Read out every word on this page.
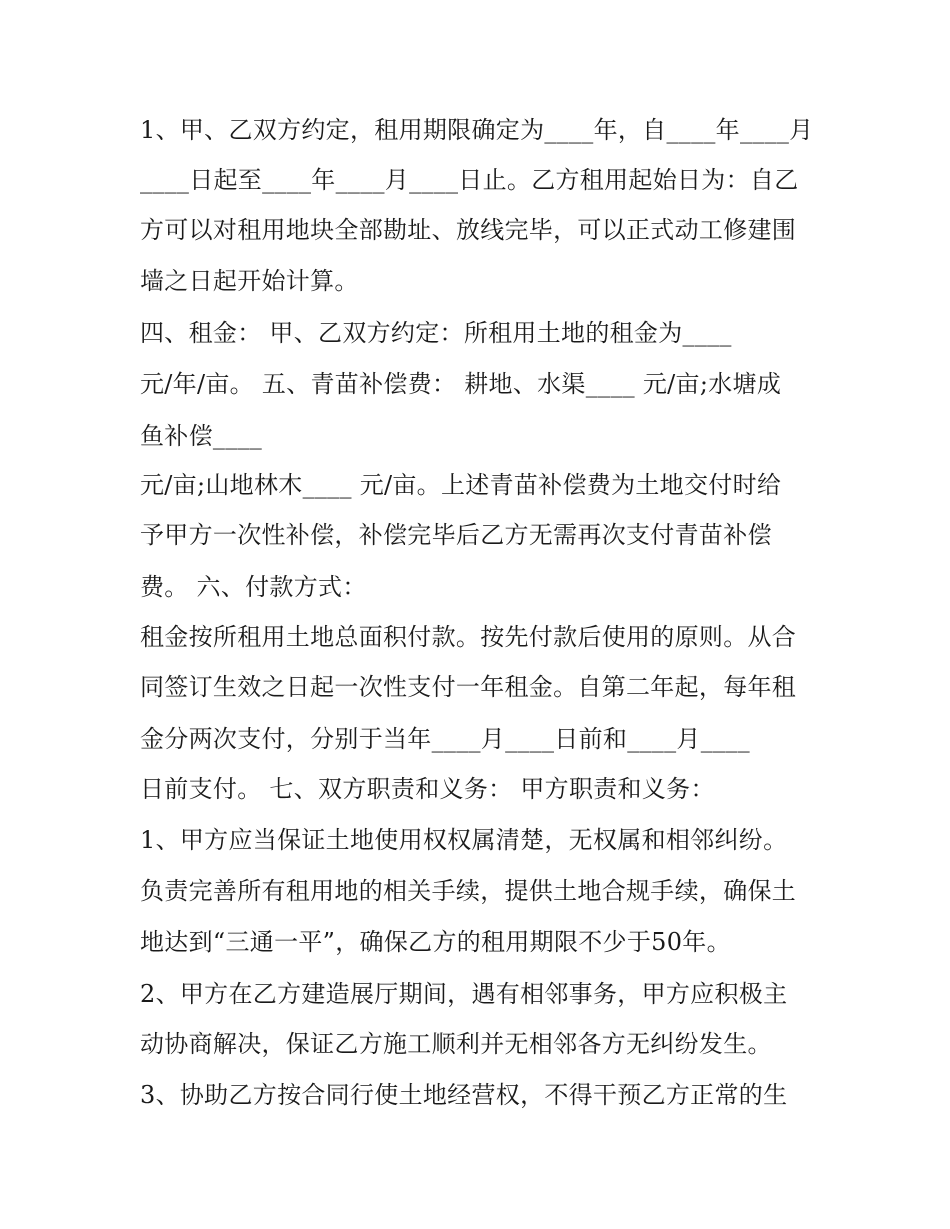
1、甲、乙双方约定，租用期限确定为____年，自____年____月
____日起至____年____月____日止。乙方租用起始日为：自乙
方可以对租用地块全部勘址、放线完毕，可以正式动工修建围
墙之日起开始计算。
四、租金： 甲、乙双方约定：所租用土地的租金为____
元/年/亩。 五、青苗补偿费： 耕地、水渠____ 元/亩;水塘成
鱼补偿____
元/亩;山地林木____ 元/亩。上述青苗补偿费为土地交付时给
予甲方一次性补偿，补偿完毕后乙方无需再次支付青苗补偿
费。 六、付款方式：
租金按所租用土地总面积付款。按先付款后使用的原则。从合
同签订生效之日起一次性支付一年租金。自第二年起，每年租
金分两次支付，分别于当年____月____日前和____月____
日前支付。 七、双方职责和义务： 甲方职责和义务：
1、甲方应当保证土地使用权权属清楚，无权属和相邻纠纷。
负责完善所有租用地的相关手续，提供土地合规手续，确保土
地达到“三通一平”，确保乙方的租用期限不少于50年。
2、甲方在乙方建造展厅期间，遇有相邻事务，甲方应积极主
动协商解决，保证乙方施工顺利并无相邻各方无纠纷发生。
3、协助乙方按合同行使土地经营权，不得干预乙方正常的生
